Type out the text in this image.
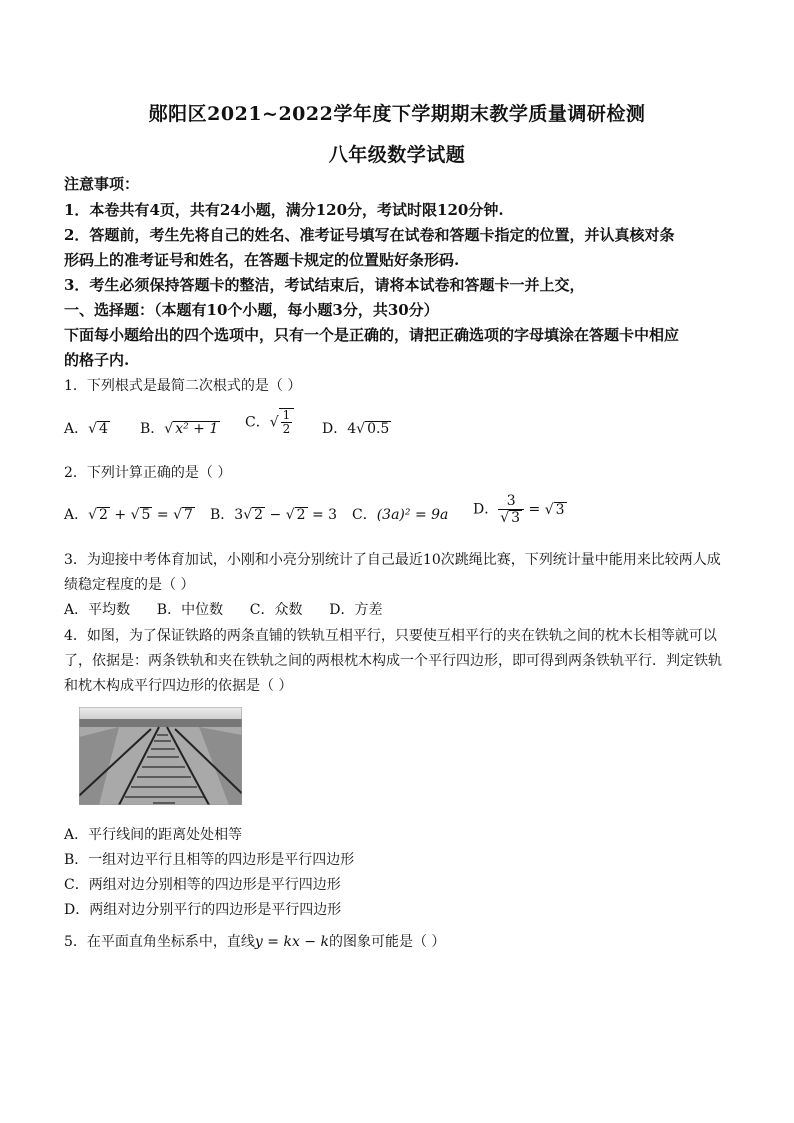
郧阳区2021~2022学年度下学期期末教学质量调研检测
八年级数学试题
注意事项：
1．本卷共有4页，共有24小题，满分120分，考试时限120分钟.
2．答题前，考生先将自己的姓名、准考证号填写在试卷和答题卡指定的位置，并认真核对条
形码上的准考证号和姓名，在答题卡规定的位置贴好条形码.
3．考生必须保持答题卡的整洁，考试结束后，请将本试卷和答题卡一并上交，
一、选择题：（本题有10个小题，每小题3分，共30分）
下面每小题给出的四个选项中，只有一个是正确的，请把正确选项的字母填涂在答题卡中相应
的格子内.
1．下列根式是最简二次根式的是（ ）
A．√ 4 B．√ x² + 1 C．√ $\frac{1}{2}$ D．4√ 0.5
2．下列计算正确的是（ ）
A．√ 2 + √ 5 = √ 7 B．3√ 2 − √ 2 = 3 C．(3a)² = 9a D． $\frac{3}{√ 3}$ = √ 3
3．为迎接中考体育加试，小刚和小亮分别统计了自己最近10次跳绳比赛，下列统计量中能用来比较两人成
绩稳定程度的是（ ）
A．平均数      B．中位数      C．众数      D．方差
4．如图，为了保证铁路的两条直铺的铁轨互相平行，只要使互相平行的夹在铁轨之间的枕木长相等就可以
了，依据是：两条铁轨和夹在铁轨之间的两根枕木构成一个平行四边形，即可得到两条铁轨平行．判定铁轨
和枕木构成平行四边形的依据是（ ）
A．平行线间的距离处处相等
B．一组对边平行且相等的四边形是平行四边形
C．两组对边分别相等的四边形是平行四边形
D．两组对边分别平行的四边形是平行四边形
5．在平面直角坐标系中，直线y = kx − k的图象可能是（ ）
